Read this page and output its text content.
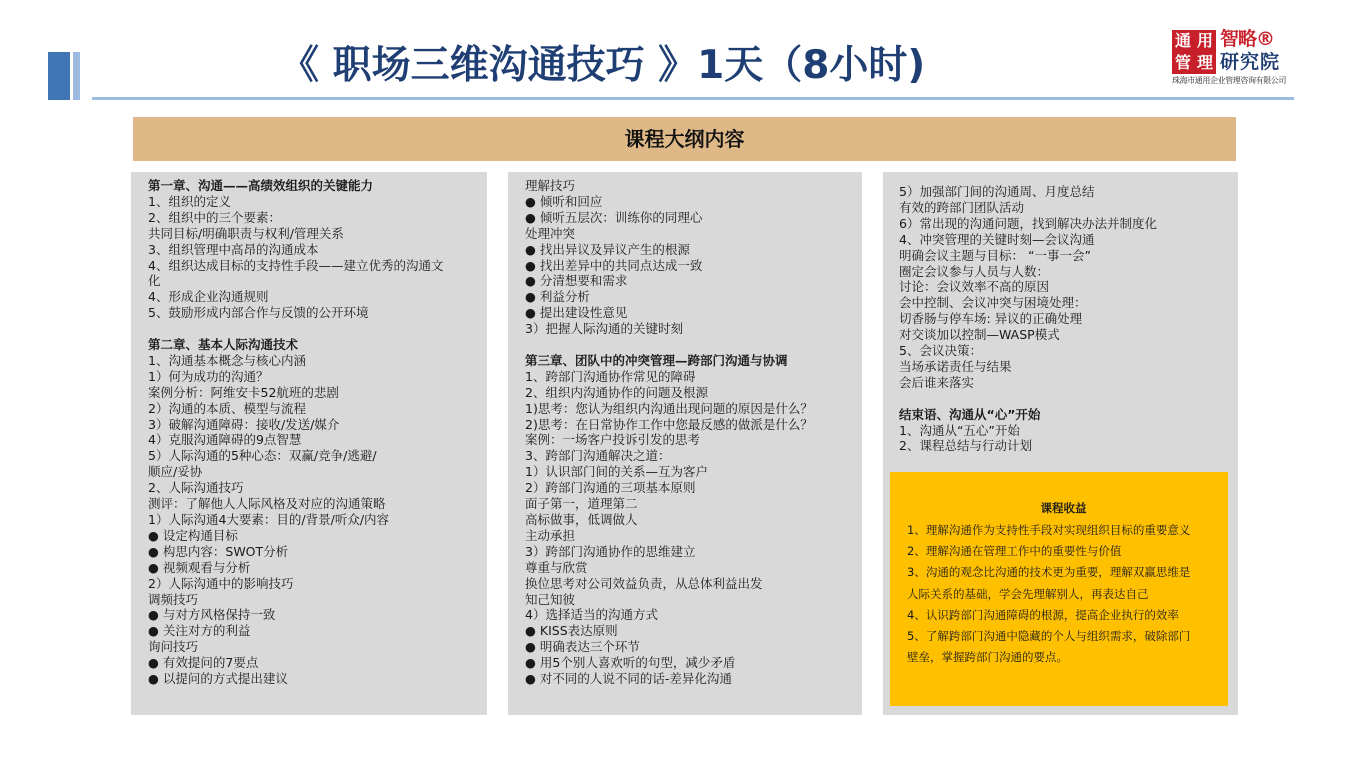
《 职场三维沟通技巧 》1天（8小时)
通 用
管 理
智略®
研究院
珠海市通用企业管理咨询有限公司
课程大纲内容
第一章、沟通——高绩效组织的关键能力
1、组织的定义
2、组织中的三个要素：
共同目标/明确职责与权利/管理关系
3、组织管理中高昂的沟通成本
4、组织达成目标的支持性手段——建立优秀的沟通文
化
4、形成企业沟通规则
5、鼓励形成内部合作与反馈的公开环境
第二章、基本人际沟通技术
1、沟通基本概念与核心内涵
1）何为成功的沟通？
案例分析：阿维安卡52航班的悲剧
2）沟通的本质、模型与流程
3）破解沟通障碍：接收/发送/媒介
4）克服沟通障碍的9点智慧
5）人际沟通的5种心态：双赢/竞争/逃避/
顺应/妥协
2、人际沟通技巧
测评：了解他人人际风格及对应的沟通策略
1）人际沟通4大要素：目的/背景/听众/内容
● 设定构通目标
● 构思内容：SWOT分析
● 视频观看与分析
2）人际沟通中的影响技巧
调频技巧
● 与对方风格保持一致
● 关注对方的利益
询问技巧
● 有效提问的7要点
● 以提问的方式提出建议
理解技巧
● 倾听和回应
● 倾听五层次：训练你的同理心
处理冲突
● 找出异议及异议产生的根源
● 找出差异中的共同点达成一致
● 分清想要和需求
● 利益分析
● 提出建设性意见
3）把握人际沟通的关键时刻
第三章、团队中的冲突管理—跨部门沟通与协调
1、跨部门沟通协作常见的障碍
2、组织内沟通协作的问题及根源
1)思考：您认为组织内沟通出现问题的原因是什么？
2)思考：在日常协作工作中您最反感的做派是什么？
案例：一场客户投诉引发的思考
3、跨部门沟通解决之道：
1）认识部门间的关系—互为客户
2）跨部门沟通的三项基本原则
面子第一，道理第二
高标做事，低调做人
主动承担
3）跨部门沟通协作的思维建立
尊重与欣赏
换位思考对公司效益负责，从总体利益出发
知己知彼
4）选择适当的沟通方式
● KISS表达原则
● 明确表达三个环节
● 用5个别人喜欢听的句型，减少矛盾
● 对不同的人说不同的话-差异化沟通
5）加强部门间的沟通周、月度总结
有效的跨部门团队活动
6）常出现的沟通问题，找到解决办法并制度化
4、冲突管理的关键时刻—会议沟通
明确会议主题与目标： “一事一会”
圈定会议参与人员与人数：
讨论：会议效率不高的原因
会中控制、会议冲突与困境处理：
切香肠与停车场: 异议的正确处理
对交谈加以控制—WASP模式
5、会议决策：
当场承诺责任与结果
会后谁来落实
结束语、沟通从“心”开始
1、沟通从“五心”开始
2、课程总结与行动计划
课程收益
1、理解沟通作为支持性手段对实现组织目标的重要意义
2、理解沟通在管理工作中的重要性与价值
3、沟通的观念比沟通的技术更为重要，理解双赢思维是
人际关系的基础，学会先理解别人，再表达自己
4、认识跨部门沟通障碍的根源，提高企业执行的效率
5、了解跨部门沟通中隐藏的个人与组织需求，破除部门
壁垒，掌握跨部门沟通的要点。
